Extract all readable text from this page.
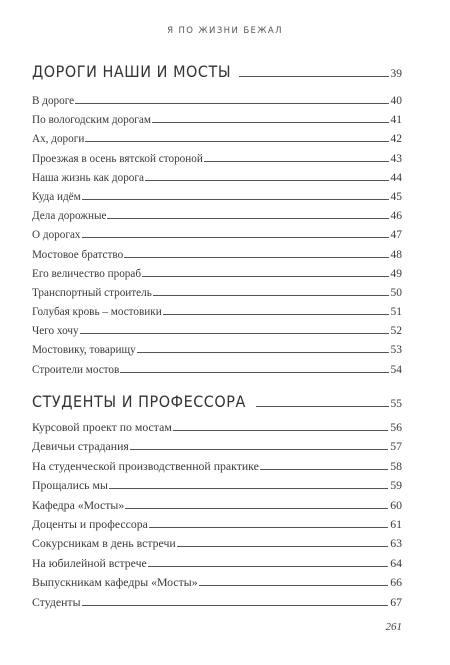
Я ПО ЖИЗНИ БЕЖАЛ
ДОРОГИ НАШИ И МОСТЫ	39
В дороге	40
По вологодским дорогам	41
Ах, дороги	42
Проезжая в осень вятской стороной	43
Наша жизнь как дорога	44
Куда идём	45
Дела дорожные	46
О дорогах	47
Мостовое братство	48
Его величество прораб	49
Транспортный строитель	50
Голубая кровь – мостовики	51
Чего хочу	52
Мостовику, товарищу	53
Строители мостов	54
СТУДЕНТЫ И ПРОФЕССОРА	55
Курсовой проект по мостам	56
Девичьи страдания	57
На студенческой производственной практике	58
Прощались мы	59
Кафедра «Мосты»	60
Доценты и профессора	61
Сокурсникам в день встречи	63
На юбилейной встрече	64
Выпускникам кафедры «Мосты»	66
Студенты	67
261
